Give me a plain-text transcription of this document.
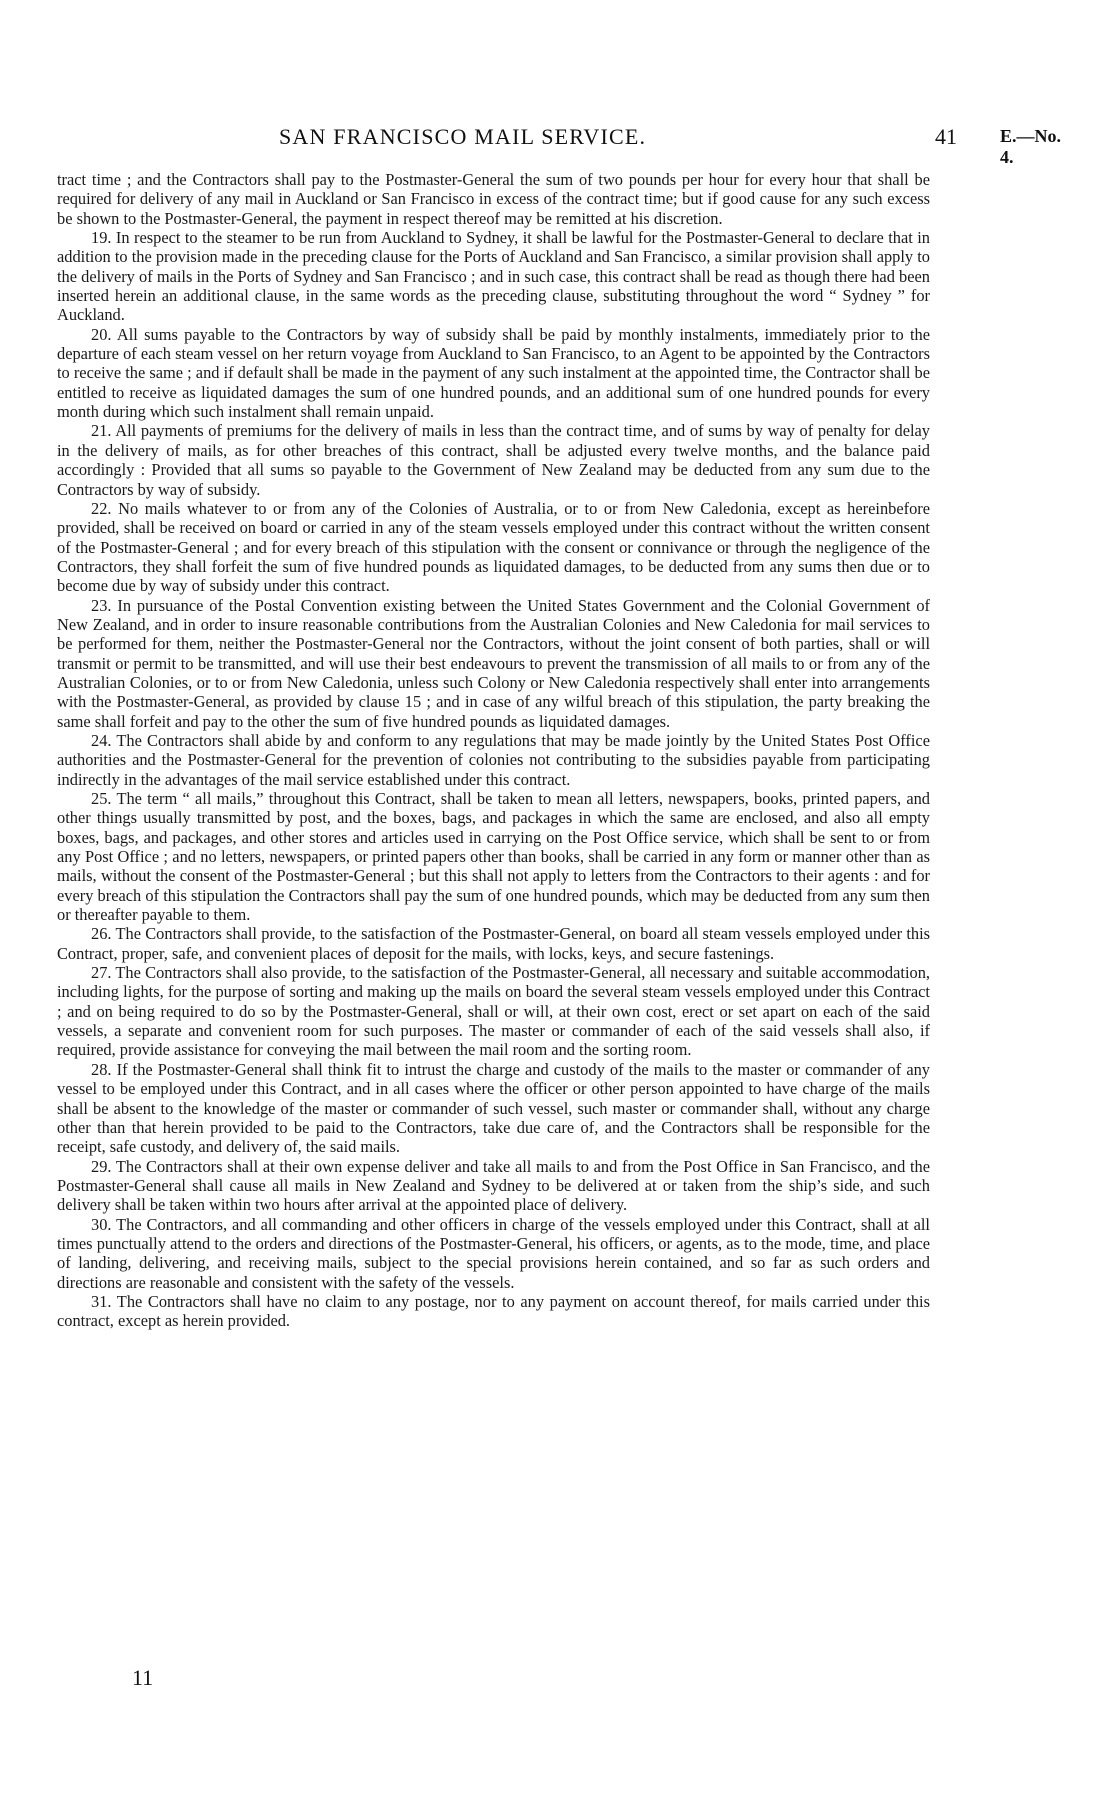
SAN FRANCISCO MAIL SERVICE.	41 E.—No. 4.

tract time ; and the Contractors shall pay to the Postmaster-General the sum of two pounds per hour for every hour that shall be required for delivery of any mail in Auckland or San Francisco in excess of the contract time; but if good cause for any such excess be shown to the Postmaster-General, the payment in respect thereof may be remitted at his discretion.

19. In respect to the steamer to be run from Auckland to Sydney, it shall be lawful for the Postmaster-General to declare that in addition to the provision made in the preceding clause for the Ports of Auckland and San Francisco, a similar provision shall apply to the delivery of mails in the Ports of Sydney and San Francisco ; and in such case, this contract shall be read as though there had been inserted herein an additional clause, in the same words as the preceding clause, substituting throughout the word “ Sydney ” for Auckland.

20. All sums payable to the Contractors by way of subsidy shall be paid by monthly instalments, immediately prior to the departure of each steam vessel on her return voyage from Auckland to San Francisco, to an Agent to be appointed by the Contractors to receive the same ; and if default shall be made in the payment of any such instalment at the appointed time, the Contractor shall be entitled to receive as liquidated damages the sum of one hundred pounds, and an additional sum of one hundred pounds for every month during which such instalment shall remain unpaid.

21. All payments of premiums for the delivery of mails in less than the contract time, and of sums by way of penalty for delay in the delivery of mails, as for other breaches of this contract, shall be adjusted every twelve months, and the balance paid accordingly : Provided that all sums so payable to the Government of New Zealand may be deducted from any sum due to the Contractors by way of subsidy.

22. No mails whatever to or from any of the Colonies of Australia, or to or from New Caledonia, except as hereinbefore provided, shall be received on board or carried in any of the steam vessels employed under this contract without the written consent of the Postmaster-General ; and for every breach of this stipulation with the consent or connivance or through the negligence of the Contractors, they shall forfeit the sum of five hundred pounds as liquidated damages, to be deducted from any sums then due or to become due by way of subsidy under this contract.

23. In pursuance of the Postal Convention existing between the United States Government and the Colonial Government of New Zealand, and in order to insure reasonable contributions from the Australian Colonies and New Caledonia for mail services to be performed for them, neither the Postmaster-General nor the Contractors, without the joint consent of both parties, shall or will transmit or permit to be transmitted, and will use their best endeavours to prevent the transmission of all mails to or from any of the Australian Colonies, or to or from New Caledonia, unless such Colony or New Caledonia respectively shall enter into arrangements with the Postmaster-General, as provided by clause 15 ; and in case of any wilful breach of this stipulation, the party breaking the same shall forfeit and pay to the other the sum of five hundred pounds as liquidated damages.

24. The Contractors shall abide by and conform to any regulations that may be made jointly by the United States Post Office authorities and the Postmaster-General for the prevention of colonies not contributing to the subsidies payable from participating indirectly in the advantages of the mail service established under this contract.

25. The term “ all mails,” throughout this Contract, shall be taken to mean all letters, newspapers, books, printed papers, and other things usually transmitted by post, and the boxes, bags, and packages in which the same are enclosed, and also all empty boxes, bags, and packages, and other stores and articles used in carrying on the Post Office service, which shall be sent to or from any Post Office ; and no letters, newspapers, or printed papers other than books, shall be carried in any form or manner other than as mails, without the consent of the Postmaster-General ; but this shall not apply to letters from the Contractors to their agents : and for every breach of this stipulation the Contractors shall pay the sum of one hundred pounds, which may be deducted from any sum then or thereafter payable to them.

26. The Contractors shall provide, to the satisfaction of the Postmaster-General, on board all steam vessels employed under this Contract, proper, safe, and convenient places of deposit for the mails, with locks, keys, and secure fastenings.

27. The Contractors shall also provide, to the satisfaction of the Postmaster-General, all necessary and suitable accommodation, including lights, for the purpose of sorting and making up the mails on board the several steam vessels employed under this Contract ; and on being required to do so by the Postmaster-General, shall or will, at their own cost, erect or set apart on each of the said vessels, a separate and convenient room for such purposes. The master or commander of each of the said vessels shall also, if required, provide assistance for conveying the mail between the mail room and the sorting room.

28. If the Postmaster-General shall think fit to intrust the charge and custody of the mails to the master or commander of any vessel to be employed under this Contract, and in all cases where the officer or other person appointed to have charge of the mails shall be absent to the knowledge of the master or commander of such vessel, such master or commander shall, without any charge other than that herein provided to be paid to the Contractors, take due care of, and the Contractors shall be responsible for the receipt, safe custody, and delivery of, the said mails.

29. The Contractors shall at their own expense deliver and take all mails to and from the Post Office in San Francisco, and the Postmaster-General shall cause all mails in New Zealand and Sydney to be delivered at or taken from the ship’s side, and such delivery shall be taken within two hours after arrival at the appointed place of delivery.

30. The Contractors, and all commanding and other officers in charge of the vessels employed under this Contract, shall at all times punctually attend to the orders and directions of the Postmaster-General, his officers, or agents, as to the mode, time, and place of landing, delivering, and receiving mails, subject to the special provisions herein contained, and so far as such orders and directions are reasonable and consistent with the safety of the vessels.

31. The Contractors shall have no claim to any postage, nor to any payment on account thereof, for mails carried under this contract, except as herein provided.

11
